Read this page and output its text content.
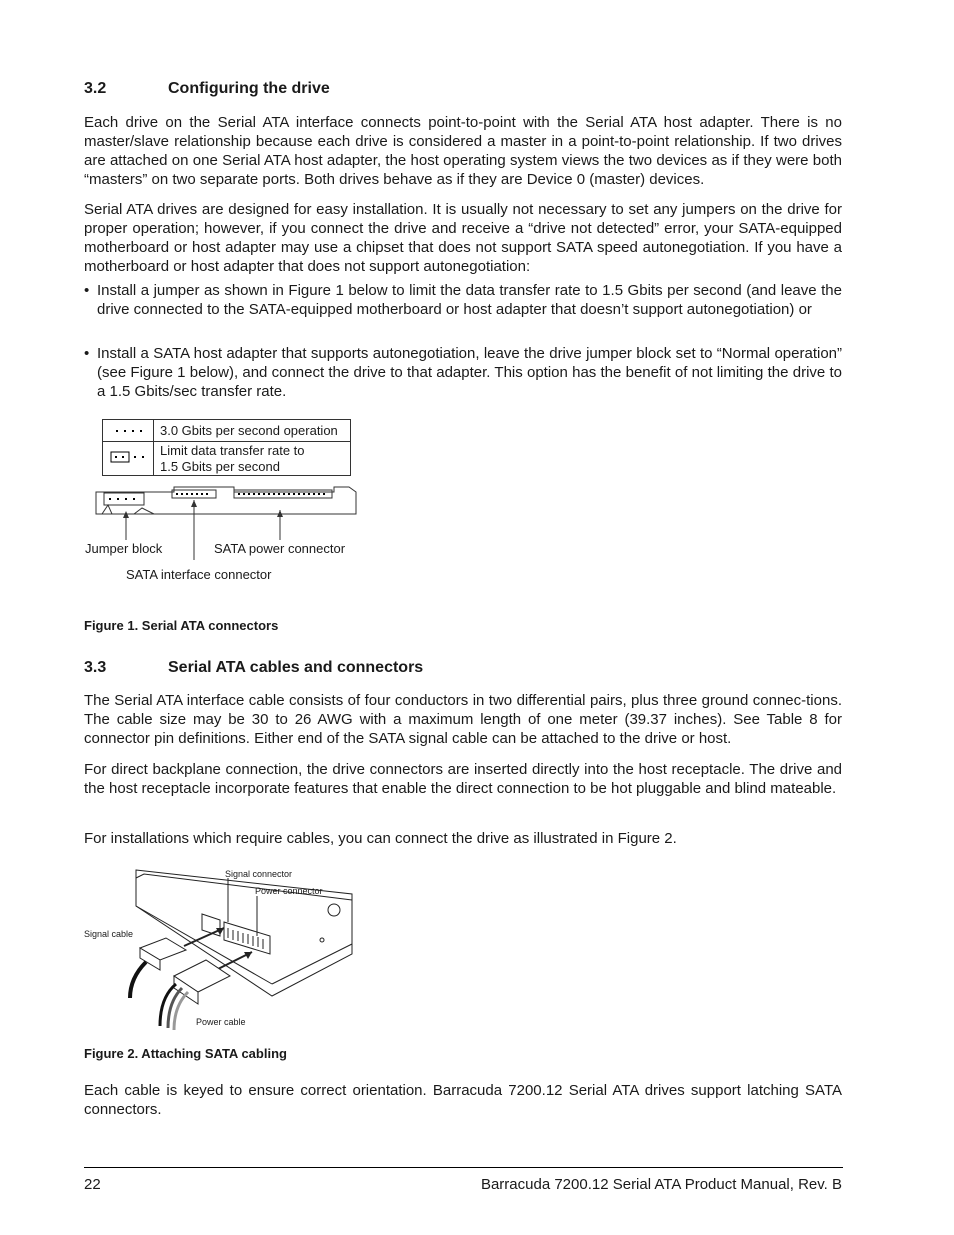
3.2	Configuring the drive

Each drive on the Serial ATA interface connects point-to-point with the Serial ATA host adapter. There is no master/slave relationship because each drive is considered a master in a point-to-point relationship. If two drives are attached on one Serial ATA host adapter, the host operating system views the two devices as if they were both “masters” on two separate ports. Both drives behave as if they are Device 0 (master) devices.

Serial ATA drives are designed for easy installation. It is usually not necessary to set any jumpers on the drive for proper operation; however, if you connect the drive and receive a “drive not detected” error, your SATA-equipped motherboard or host adapter may use a chipset that does not support SATA speed autonegotiation. If you have a motherboard or host adapter that does not support autonegotiation:

• Install a jumper as shown in Figure 1 below to limit the data transfer rate to 1.5 Gbits per second (and leave the drive connected to the SATA-equipped motherboard or host adapter that doesn’t support autonegotiation) or
• Install a SATA host adapter that supports autonegotiation, leave the drive jumper block set to “Normal operation” (see Figure 1 below), and connect the drive to that adapter. This option has the benefit of not limiting the drive to a 1.5 Gbits/sec transfer rate.
	3.0 Gbits per second operation
	Limit data transfer rate to
1.5 Gbits per second
Jumper block	SATA power connector
SATA interface connector
Figure 1. Serial ATA connectors
3.3	Serial ATA cables and connectors

The Serial ATA interface cable consists of four conductors in two differential pairs, plus three ground connec-tions. The cable size may be 30 to 26 AWG with a maximum length of one meter (39.37 inches). See Table 8 for connector pin definitions. Either end of the SATA signal cable can be attached to the drive or host.

For direct backplane connection, the drive connectors are inserted directly into the host receptacle. The drive and the host receptacle incorporate features that enable the direct connection to be hot pluggable and blind mateable.

For installations which require cables, you can connect the drive as illustrated in Figure 2.

Signal connector
Power connector
Signal cable
Power cable
Figure 2. Attaching SATA cabling

Each cable is keyed to ensure correct orientation. Barracuda 7200.12 Serial ATA drives support latching SATA connectors.

22	Barracuda 7200.12 Serial ATA Product Manual, Rev. B
